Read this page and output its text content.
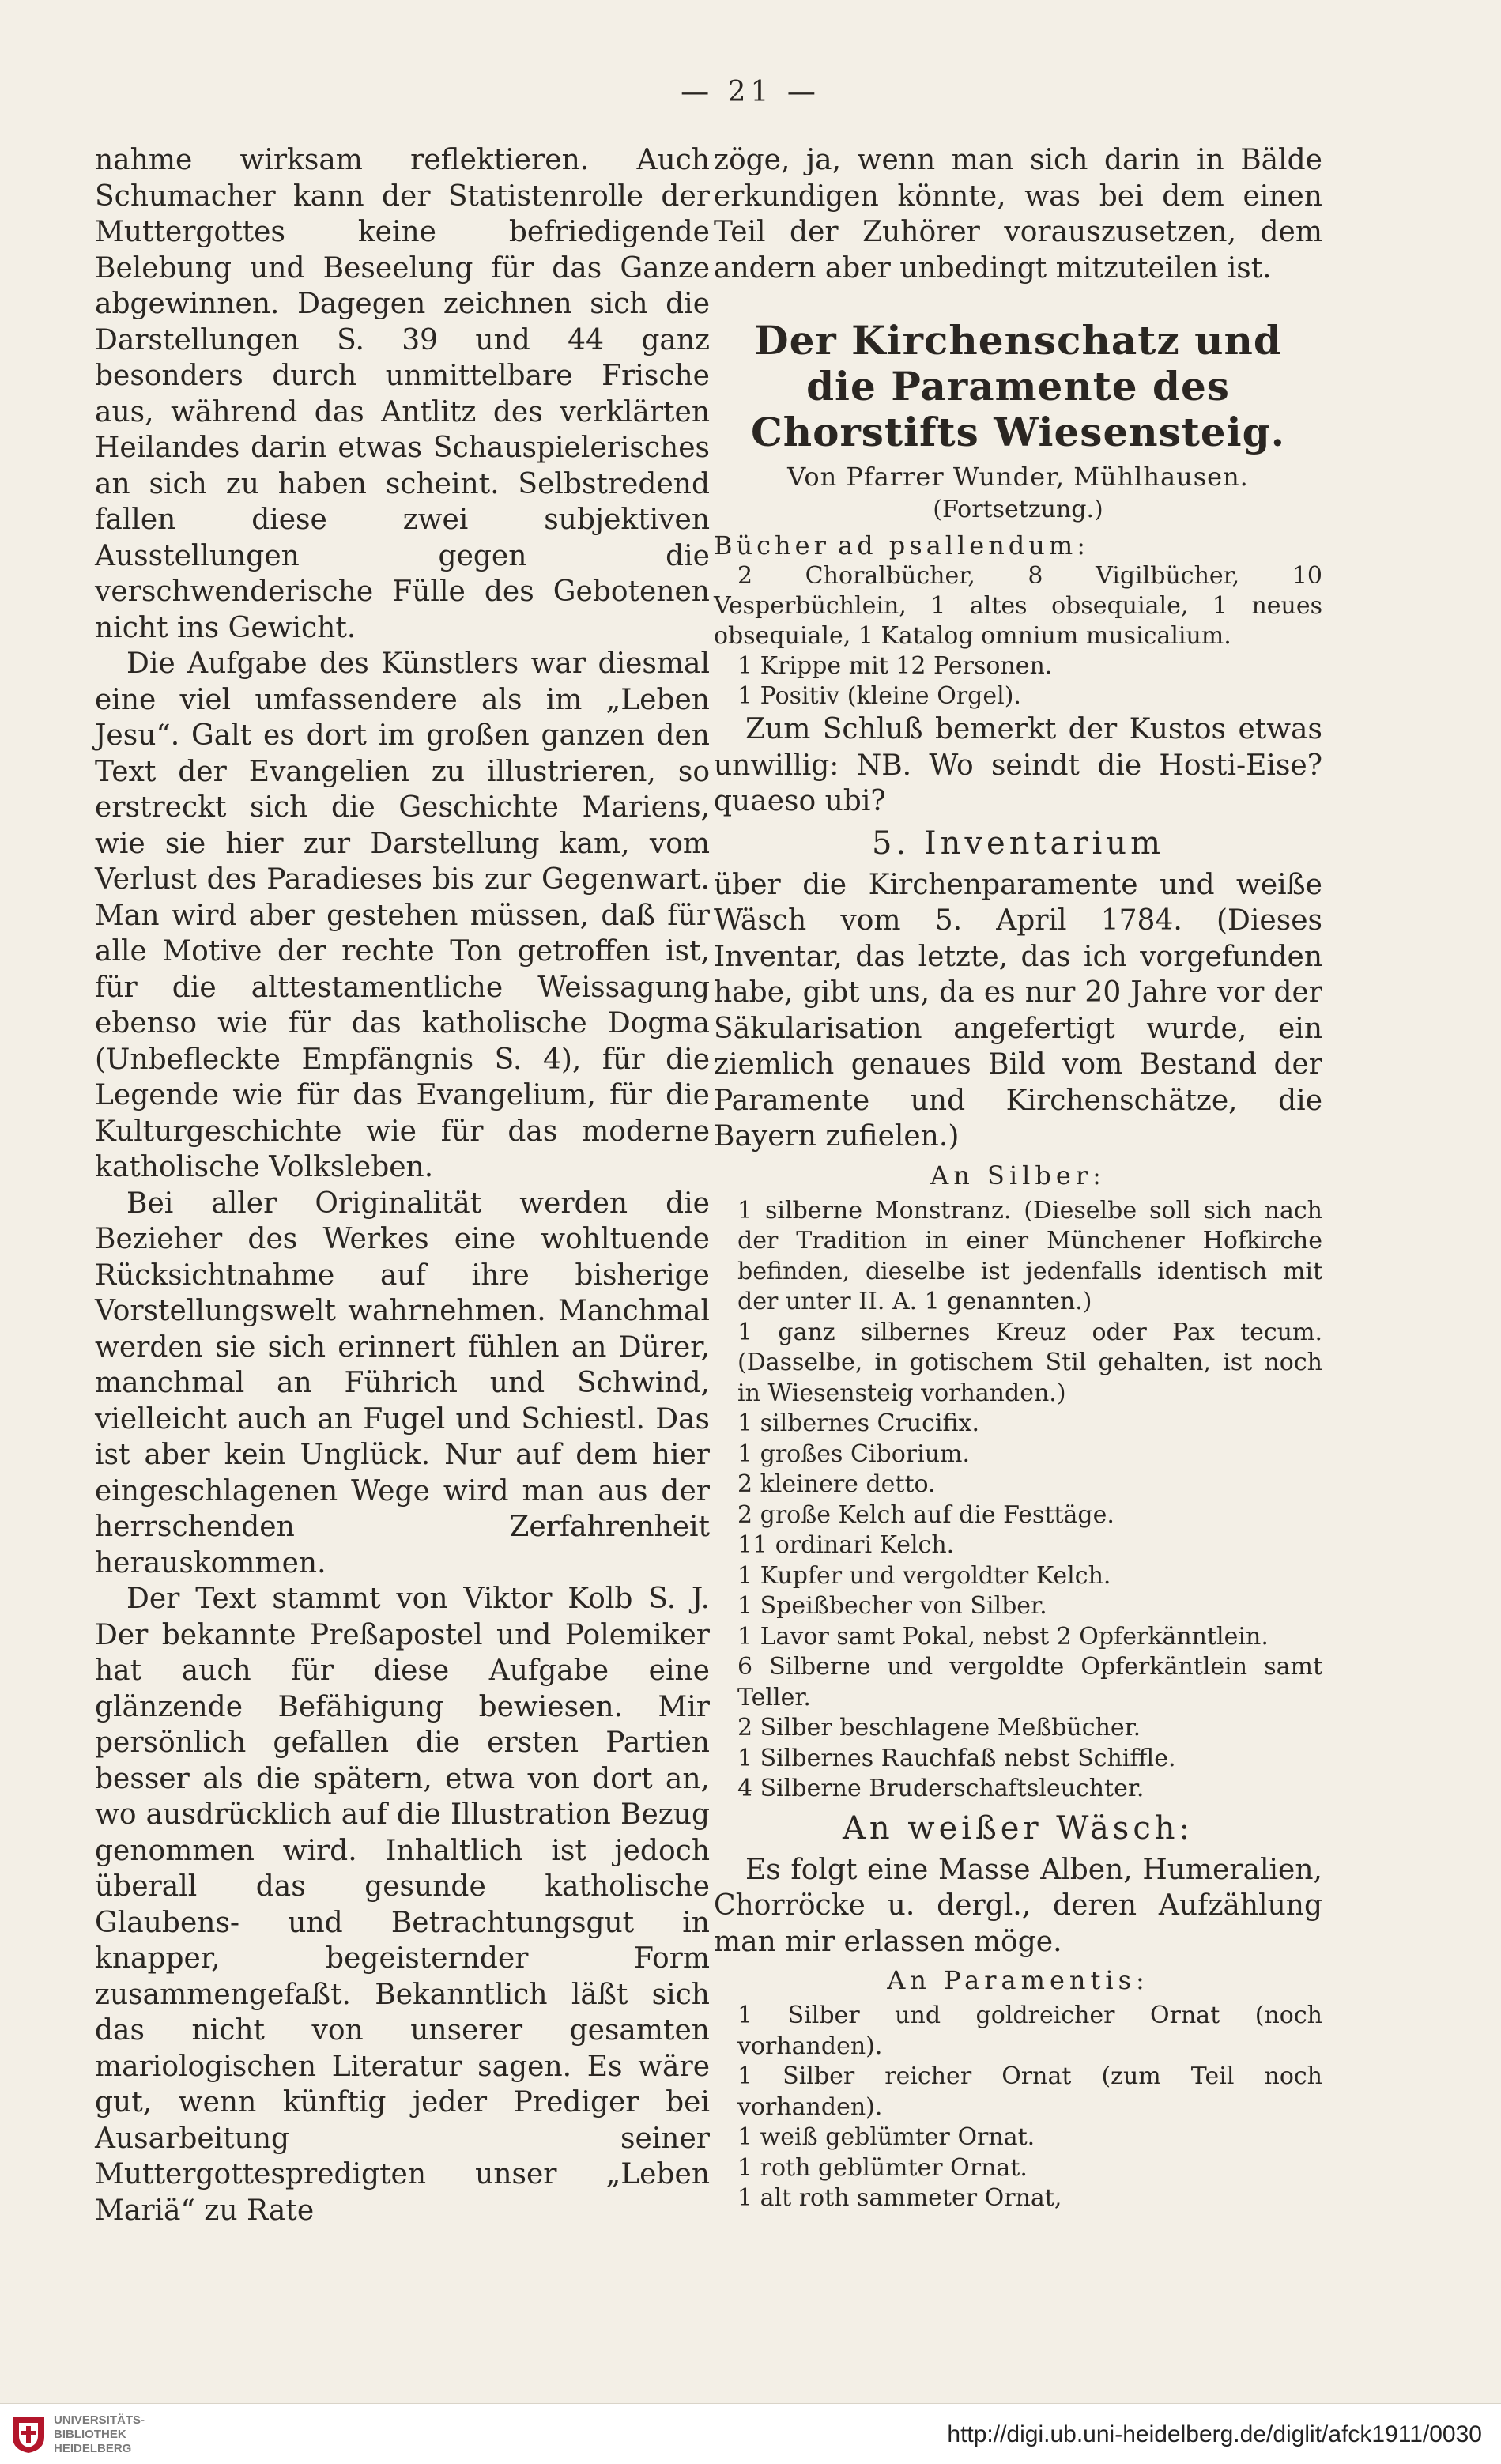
— 21 —

nahme wirksam reflektieren. Auch Schumacher kann der Statistenrolle der Muttergottes keine befriedigende Belebung und Beseelung für das Ganze abgewinnen. Dagegen zeichnen sich die Darstellungen S. 39 und 44 ganz besonders durch unmittelbare Frische aus, während das Antlitz des verklärten Heilandes darin etwas Schauspielerisches an sich zu haben scheint. Selbstredend fallen diese zwei subjektiven Ausstellungen gegen die verschwenderische Fülle des Gebotenen nicht ins Gewicht.

Die Aufgabe des Künstlers war diesmal eine viel umfassendere als im „Leben Jesu“. Galt es dort im großen ganzen den Text der Evangelien zu illustrieren, so erstreckt sich die Geschichte Mariens, wie sie hier zur Darstellung kam, vom Verlust des Paradieses bis zur Gegenwart. Man wird aber gestehen müssen, daß für alle Motive der rechte Ton getroffen ist, für die alttestamentliche Weissagung ebenso wie für das katholische Dogma (Unbefleckte Empfängnis S. 4), für die Legende wie für das Evangelium, für die Kulturgeschichte wie für das moderne katholische Volksleben.

Bei aller Originalität werden die Bezieher des Werkes eine wohltuende Rücksichtnahme auf ihre bisherige Vorstellungswelt wahrnehmen. Manchmal werden sie sich erinnert fühlen an Dürer, manchmal an Führich und Schwind, vielleicht auch an Fugel und Schiestl. Das ist aber kein Unglück. Nur auf dem hier eingeschlagenen Wege wird man aus der herrschenden Zerfahrenheit herauskommen.

Der Text stammt von Viktor Kolb S. J. Der bekannte Preßapostel und Polemiker hat auch für diese Aufgabe eine glänzende Befähigung bewiesen. Mir persönlich gefallen die ersten Partien besser als die spätern, etwa von dort an, wo ausdrücklich auf die Illustration Bezug genommen wird. Inhaltlich ist jedoch überall das gesunde katholische Glaubens- und Betrachtungsgut in knapper, begeisternder Form zusammengefaßt. Bekanntlich läßt sich das nicht von unserer gesamten mariologischen Literatur sagen. Es wäre gut, wenn künftig jeder Prediger bei Ausarbeitung seiner Muttergottespredigten unser „Leben Mariä“ zu Rate

zöge, ja, wenn man sich darin in Bälde erkundigen könnte, was bei dem einen Teil der Zuhörer vorauszusetzen, dem andern aber unbedingt mitzuteilen ist.

Der Kirchenschatz und die Paramente des Chorstifts Wiesensteig.
Von Pfarrer Wunder, Mühlhausen.
(Fortsetzung.)

Bücher ad psallendum:

2 Choralbücher, 8 Vigilbücher, 10 Vesperbüchlein, 1 altes obsequiale, 1 neues obsequiale, 1 Katalog omnium musicalium.

1 Krippe mit 12 Personen.

1 Positiv (kleine Orgel).

Zum Schluß bemerkt der Kustos etwas unwillig: NB. Wo seindt die Hosti-Eise? quaeso ubi?

5. Inventarium

über die Kirchenparamente und weiße Wäsch vom 5. April 1784. (Dieses Inventar, das letzte, das ich vorgefunden habe, gibt uns, da es nur 20 Jahre vor der Säkularisation angefertigt wurde, ein ziemlich genaues Bild vom Bestand der Paramente und Kirchenschätze, die Bayern zufielen.)

An Silber:
1 silberne Monstranz. (Dieselbe soll sich nach der Tradition in einer Münchener Hofkirche befinden, dieselbe ist jedenfalls identisch mit der unter II. A. 1 genannten.)
1 ganz silbernes Kreuz oder Pax tecum. (Dasselbe, in gotischem Stil gehalten, ist noch in Wiesensteig vorhanden.)
1 silbernes Crucifix.
1 großes Ciborium.
2 kleinere detto.
2 große Kelch auf die Festtäge.
11 ordinari Kelch.
1 Kupfer und vergoldter Kelch.
1 Speißbecher von Silber.
1 Lavor samt Pokal, nebst 2 Opferkänntlein.
6 Silberne und vergoldte Opferkäntlein samt Teller.
2 Silber beschlagene Meßbücher.
1 Silbernes Rauchfaß nebst Schiffle.
4 Silberne Bruderschaftsleuchter.
An weißer Wäsch:

Es folgt eine Masse Alben, Humeralien, Chorröcke u. dergl., deren Aufzählung man mir erlassen möge.

An Paramentis:
1 Silber und goldreicher Ornat (noch vorhanden).
1 Silber reicher Ornat (zum Teil noch vorhanden).
1 weiß geblümter Ornat.
1 roth geblümter Ornat.
1 alt roth sammeter Ornat,
UNIVERSITÄTS-
BIBLIOTHEK
HEIDELBERG
http://digi.ub.uni-heidelberg.de/diglit/afck1911/0030
